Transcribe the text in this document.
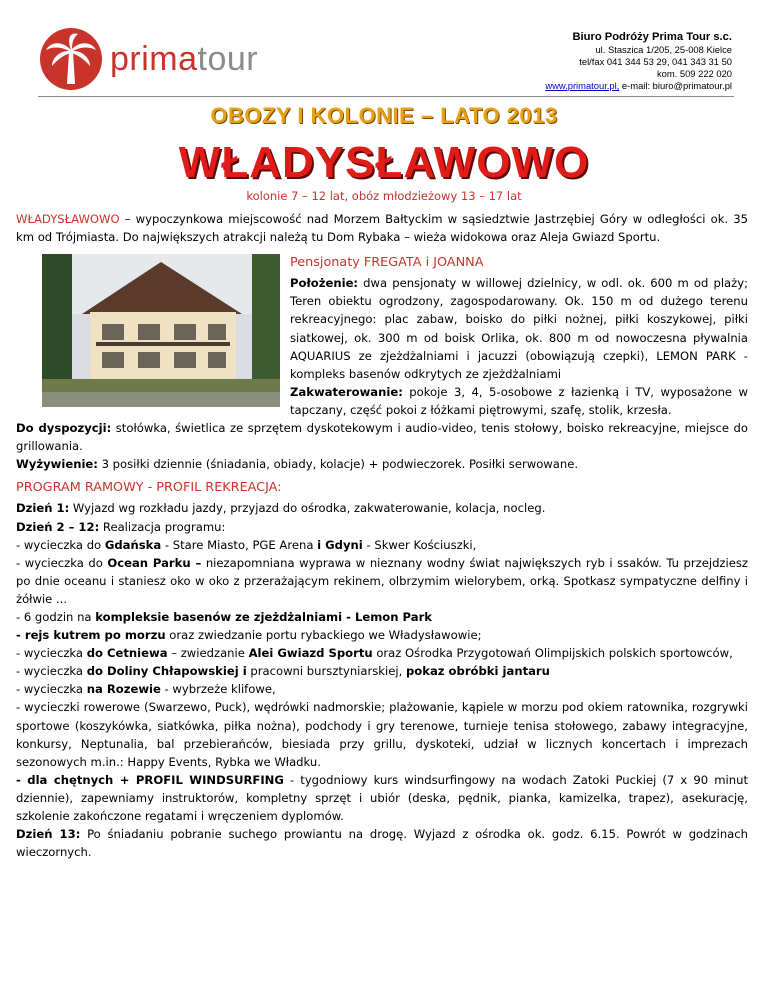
primatour
Biuro Podróży Prima Tour s.c.
ul. Staszica 1/205, 25-008 Kielce
tel/fax 041 344 53 29, 041 343 31 50
kom. 509 222 020
www.primatour.pl, e-mail: biuro@primatour.pl
OBOZY I KOLONIE – LATO 2013
WŁADYSŁAWOWO
kolonie 7 – 12 lat, obóz młodzieżowy 13 – 17 lat

WŁADYSŁAWOWO – wypoczynkowa miejscowość nad Morzem Bałtyckim w sąsiedztwie Jastrzębiej Góry w odległości ok. 35 km od Trójmiasta. Do największych atrakcji należą tu Dom Rybaka – wieża widokowa oraz Aleja Gwiazd Sportu.

Pensjonaty FREGATA i JOANNA

Położenie: dwa pensjonaty w willowej dzielnicy, w odl. ok. 600 m od plaży; Teren obiektu ogrodzony, zagospodarowany. Ok. 150 m od dużego terenu rekreacyjnego: plac zabaw, boisko do piłki nożnej, piłki koszykowej, piłki siatkowej, ok. 300 m od boisk Orlika, ok. 800 m od nowoczesna pływalnia AQUARIUS ze zjeżdżalniami i jacuzzi (obowiązują czepki), LEMON PARK - kompleks basenów odkrytych ze zjeżdżalniami

Zakwaterowanie: pokoje 3, 4, 5-osobowe z łazienką i TV, wyposażone w tapczany, część pokoi z łóżkami piętrowymi, szafę, stolik, krzesła.

Do dyspozycji: stołówka, świetlica ze sprzętem dyskotekowym i audio-video, tenis stołowy, boisko rekreacyjne, miejsce do grillowania.

Wyżywienie: 3 posiłki dziennie (śniadania, obiady, kolacje) + podwieczorek. Posiłki serwowane.

PROGRAM RAMOWY - PROFIL REKREACJA:

Dzień 1: Wyjazd wg rozkładu jazdy, przyjazd do ośrodka, zakwaterowanie, kolacja, nocleg.

Dzień 2 – 12: Realizacja programu:

- wycieczka do Gdańska - Stare Miasto, PGE Arena i Gdyni - Skwer Kościuszki,

- wycieczka do Ocean Parku – niezapomniana wyprawa w nieznany wodny świat największych ryb i ssaków. Tu przejdziesz po dnie oceanu i staniesz oko w oko z przerażającym rekinem, olbrzymim wielorybem, orką. Spotkasz sympatyczne delfiny i żółwie ...

- 6 godzin na kompleksie basenów ze zjeżdżalniami - Lemon Park

- rejs kutrem po morzu oraz zwiedzanie portu rybackiego we Władysławowie;

- wycieczka do Cetniewa – zwiedzanie Alei Gwiazd Sportu oraz Ośrodka Przygotowań Olimpijskich polskich sportowców,

- wycieczka do Doliny Chłapowskiej i pracowni bursztyniarskiej, pokaz obróbki jantaru

- wycieczka na Rozewie - wybrzeże klifowe,

- wycieczki rowerowe (Swarzewo, Puck), wędrówki nadmorskie; plażowanie, kąpiele w morzu pod okiem ratownika, rozgrywki sportowe (koszykówka, siatkówka, piłka nożna), podchody i gry terenowe, turnieje tenisa stołowego, zabawy integracyjne, konkursy, Neptunalia, bal przebierańców, biesiada przy grillu, dyskoteki, udział w licznych koncertach i imprezach sezonowych m.in.: Happy Events, Rybka we Władku.

- dla chętnych + PROFIL WINDSURFING - tygodniowy kurs windsurfingowy na wodach Zatoki Puckiej (7 x 90 minut dziennie), zapewniamy instruktorów, kompletny sprzęt i ubiór (deska, pędnik, pianka, kamizelka, trapez), asekurację, szkolenie zakończone regatami i wręczeniem dyplomów.

Dzień 13: Po śniadaniu pobranie suchego prowiantu na drogę. Wyjazd z ośrodka ok. godz. 6.15. Powrót w godzinach wieczornych.
